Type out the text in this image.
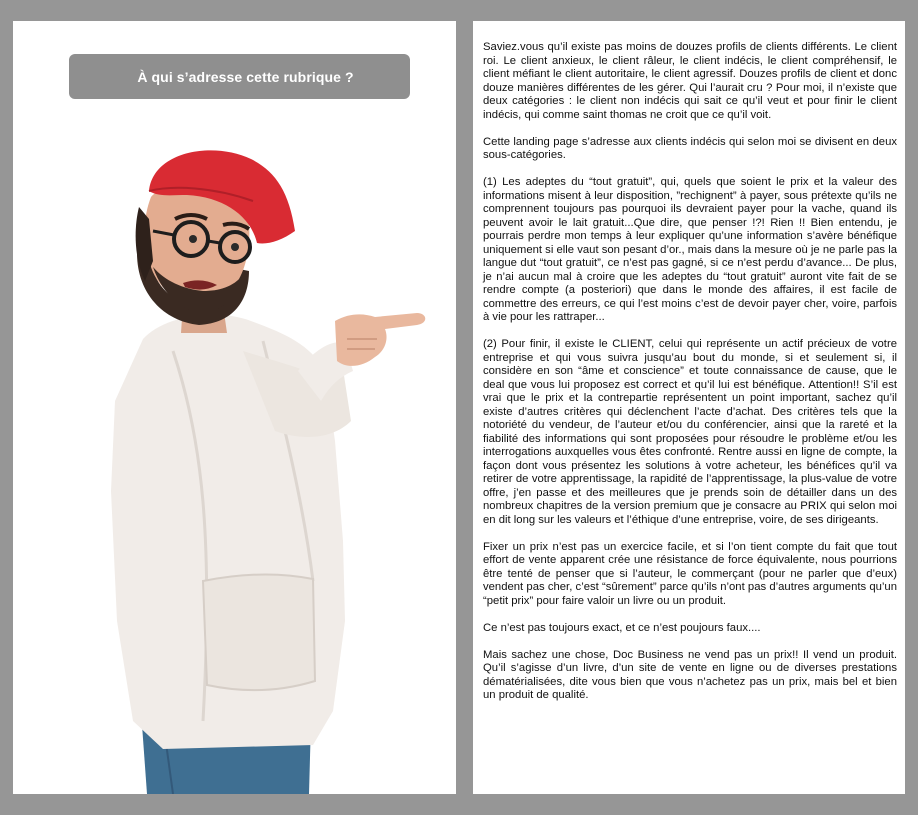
À qui s’adresse cette rubrique ?

Saviez.vous qu’il existe pas moins de douzes profils de clients différents. Le client roi. Le client anxieux, le client râleur, le client indécis, le client compréhensif, le client méfiant le client autoritaire, le client agressif. Douzes profils de client et donc douze manières différentes de les gérer. Qui l’aurait cru ? Pour moi, il n’existe que deux catégories : le client non indécis qui sait ce qu’il veut et pour finir le client indécis, qui comme saint thomas ne croit que ce qu’il voit.

Cette landing page s’adresse aux clients indécis qui selon moi se divisent en deux sous-catégories.

(1) Les adeptes du “tout gratuit”, qui, quels que soient le prix et la valeur des informations misent à leur disposition, ”rechignent” à payer, sous prétexte qu’ils ne comprennent toujours pas pourquoi ils devraient payer pour la vache, quand ils peuvent avoir le lait gratuit...Que dire, que penser !?! Rien !! Bien entendu, je pourrais perdre mon temps à leur expliquer qu’une information s’avère bénéfique uniquement si elle vaut son pesant d’or., mais dans la mesure où je ne parle pas la langue dut “tout gratuit”, ce n’est pas gagné, si ce n’est perdu d’avance... De plus, je n’ai aucun mal à croire que les adeptes du “tout gratuit” auront vite fait de se rendre compte (a posteriori) que dans le monde des affaires, il est facile de commettre des erreurs, ce qui l’est moins c’est de devoir payer cher, voire, parfois à vie pour les rattraper...

(2) Pour finir, il existe le CLIENT, celui qui représente un actif précieux de votre entreprise et qui vous suivra jusqu’au bout du monde, si et seulement si, il considère en son “âme et conscience” et toute connaissance de cause, que le deal que vous lui proposez est correct et qu’il lui est bénéfique. Attention!! S’il est vrai que le prix et la contrepartie représentent un point important, sachez qu’il existe d’autres critères qui déclenchent l’acte d’achat. Des critères tels que la notoriété du vendeur, de l’auteur et/ou du conférencier, ainsi que la rareté et la fiabilité des informations qui sont proposées pour résoudre le problème et/ou les interrogations auxquelles vous êtes confronté. Rentre aussi en ligne de compte, la façon dont vous présentez les solutions à votre acheteur, les bénéfices qu’il va retirer de votre apprentissage, la rapidité de l’apprentissage, la plus-value de votre offre, j’en passe et des meilleures que je prends soin de détailler dans un des nombreux chapitres de la version premium que je consacre au PRIX qui selon moi en dit long sur les valeurs et l’éthique d’une entreprise, voire, de ses dirigeants.

Fixer un prix n’est pas un exercice facile, et si l’on tient compte du fait que tout effort de vente apparent crée une résistance de force équivalente, nous pourrions être tenté de penser que si l’auteur, le commerçant (pour ne parler que d’eux) vendent pas cher, c’est “sûrement” parce qu’ils n’ont pas d’autres arguments qu’un “petit prix” pour faire valoir un livre ou un produit.

Ce n’est pas toujours exact, et ce n’est poujours faux....

Mais sachez une chose, Doc Business ne vend pas un prix!! Il vend un produit. Qu’il s’agisse d’un livre, d’un site de vente en ligne ou de diverses prestations dématérialisées, dite vous bien que vous n’achetez pas un prix, mais bel et bien un produit de qualité.
